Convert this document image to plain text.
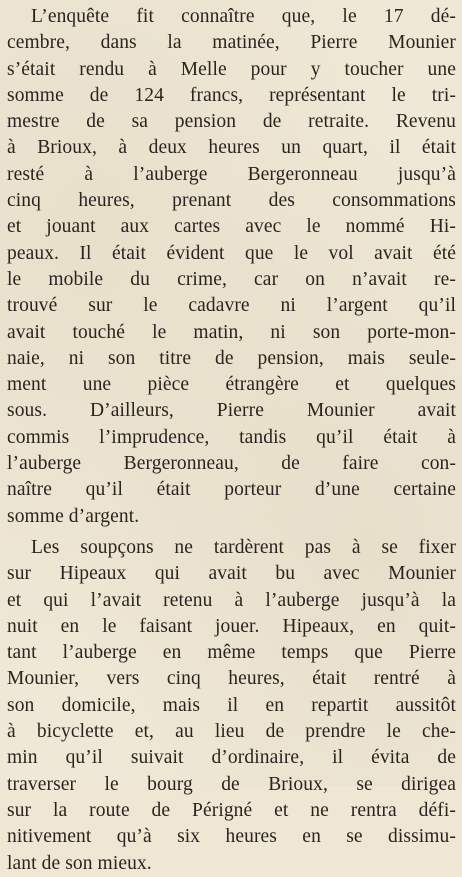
L’enquête fit connaître que, le 17 dé-
cembre, dans la matinée, Pierre Mounier
s’était rendu à Melle pour y toucher une
somme de 124 francs, représentant le tri-
mestre de sa pension de retraite. Revenu
à Brioux, à deux heures un quart, il était
resté à l’auberge Bergeronneau jusqu’à
cinq heures, prenant des consommations
et jouant aux cartes avec le nommé Hi-
peaux. Il était évident que le vol avait été
le mobile du crime, car on n’avait re-
trouvé sur le cadavre ni l’argent qu’il
avait touché le matin, ni son porte-mon-
naie, ni son titre de pension, mais seule-
ment une pièce étrangère et quelques
sous. D’ailleurs, Pierre Mounier avait
commis l’imprudence, tandis qu’il était à
l’auberge Bergeronneau, de faire con-
naître qu’il était porteur d’une certaine
somme d’argent.
Les soupçons ne tardèrent pas à se fixer
sur Hipeaux qui avait bu avec Mounier
et qui l’avait retenu à l’auberge jusqu’à la
nuit en le faisant jouer. Hipeaux, en quit-
tant l’auberge en même temps que Pierre
Mounier, vers cinq heures, était rentré à
son domicile, mais il en repartit aussitôt
à bicyclette et, au lieu de prendre le che-
min qu’il suivait d’ordinaire, il évita de
traverser le bourg de Brioux, se dirigea
sur la route de Périgné et ne rentra défi-
nitivement qu’à six heures en se dissimu-
lant de son mieux.
